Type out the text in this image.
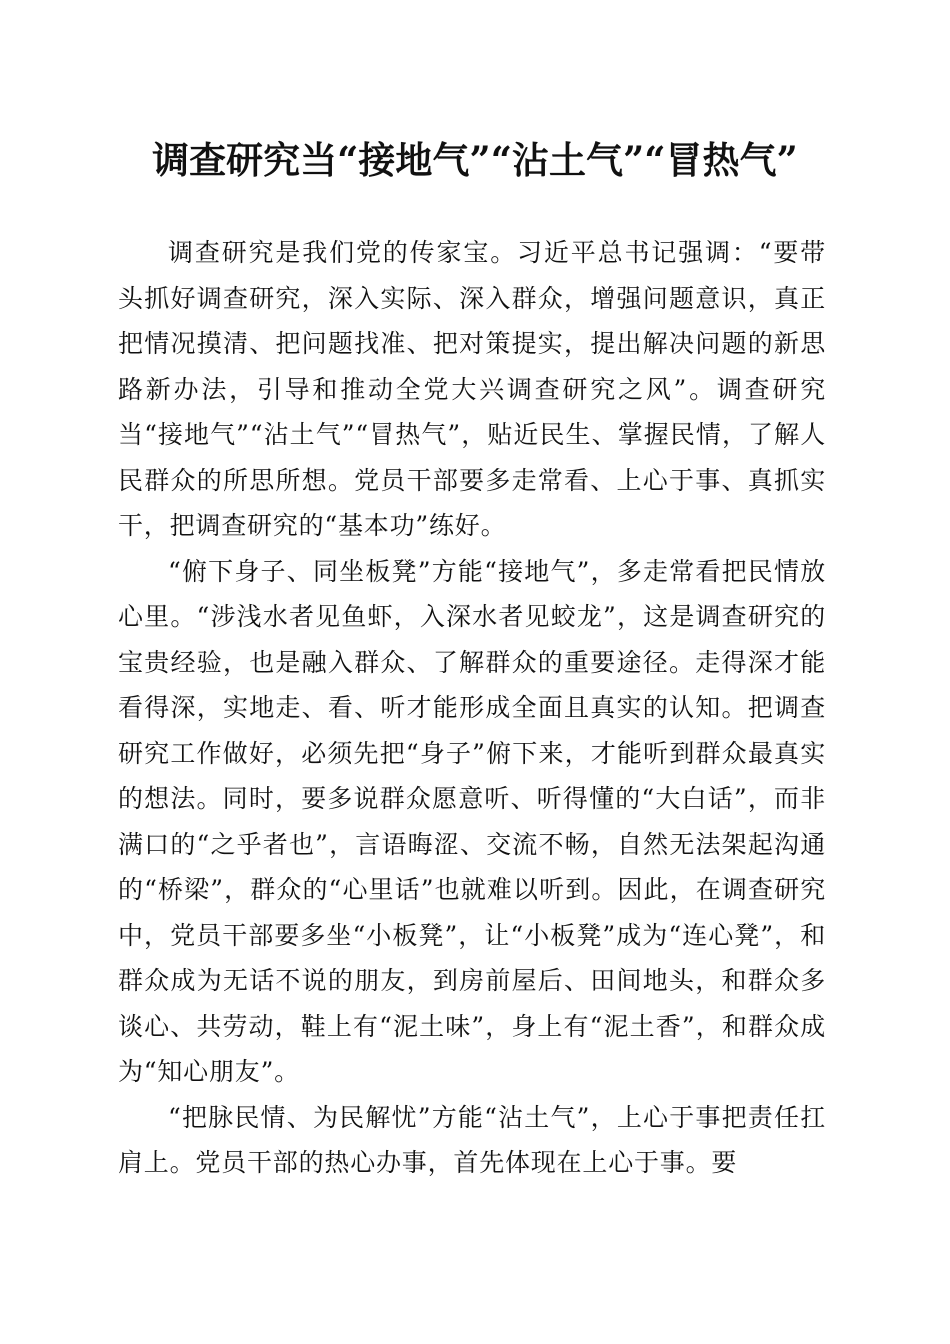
调查研究当“接地气”“沾土气”“冒热气”

调查研究是我们党的传家宝。习近平总书记强调：“要带头抓好调查研究，深入实际、深入群众，增强问题意识，真正把情况摸清、把问题找准、把对策提实，提出解决问题的新思路新办法，引导和推动全党大兴调查研究之风”。调查研究当“接地气”“沾土气”“冒热气”，贴近民生、掌握民情，了解人民群众的所思所想。党员干部要多走常看、上心于事、真抓实干，把调查研究的“基本功”练好。

“俯下身子、同坐板凳”方能“接地气”，多走常看把民情放心里。“涉浅水者见鱼虾，入深水者见蛟龙”，这是调查研究的宝贵经验，也是融入群众、了解群众的重要途径。走得深才能看得深，实地走、看、听才能形成全面且真实的认知。把调查研究工作做好，必须先把“身子”俯下来，才能听到群众最真实的想法。同时，要多说群众愿意听、听得懂的“大白话”，而非满口的“之乎者也”，言语晦涩、交流不畅，自然无法架起沟通的“桥梁”，群众的“心里话”也就难以听到。因此，在调查研究中，党员干部要多坐“小板凳”，让“小板凳”成为“连心凳”，和群众成为无话不说的朋友，到房前屋后、田间地头，和群众多谈心、共劳动，鞋上有“泥土味”，身上有“泥土香”，和群众成为“知心朋友”。

“把脉民情、为民解忧”方能“沾土气”，上心于事把责任扛肩上。党员干部的热心办事，首先体现在上心于事。要
